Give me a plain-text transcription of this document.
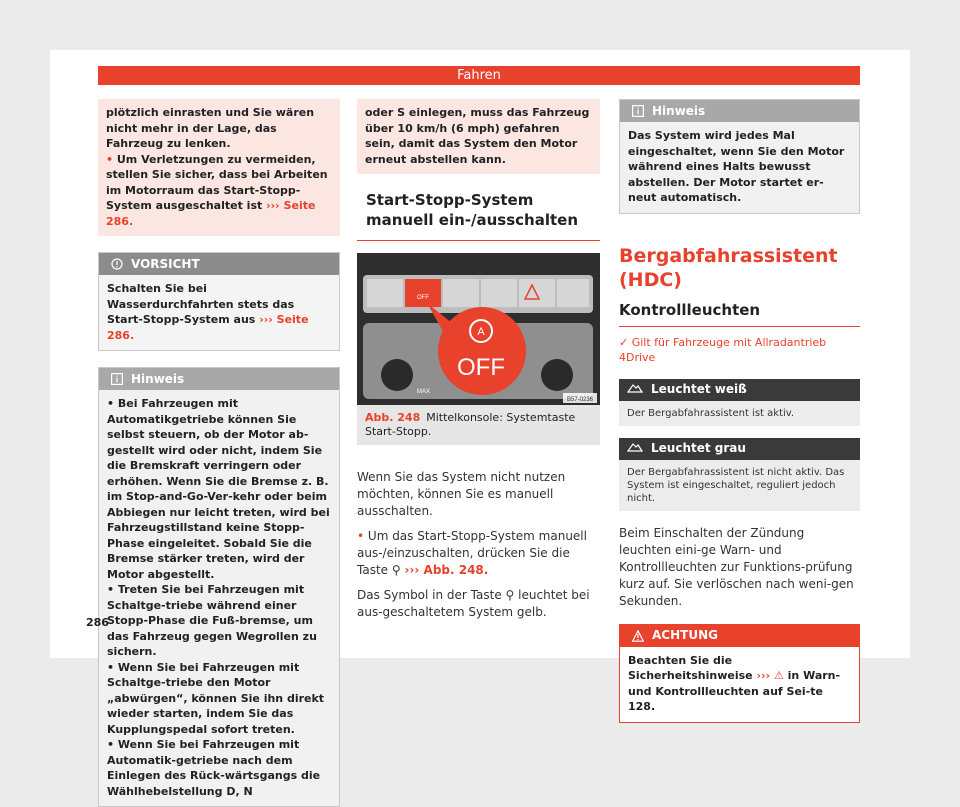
Fahren
plötzlich einrasten und Sie wären nicht mehr in der Lage, das Fahrzeug zu lenken.
• Um Verletzungen zu vermeiden, stellen Sie sicher, dass bei Arbeiten im Motorraum das Start-Stopp-System ausgeschaltet ist ››› Seite 286.
VORSICHT
Schalten Sie bei Wasserdurchfahrten stets das Start-Stopp-System aus ››› Seite 286.
Hinweis
• Bei Fahrzeugen mit Automatikgetriebe können Sie selbst steuern, ob der Motor ab-gestellt wird oder nicht, indem Sie die Bremskraft verringern oder erhöhen. Wenn Sie die Bremse z. B. im Stop-and-Go-Ver-kehr oder beim Abbiegen nur leicht treten, wird bei Fahrzeugstillstand keine Stopp-Phase eingeleitet. Sobald Sie die Bremse stärker treten, wird der Motor abgestellt.
• Treten Sie bei Fahrzeugen mit Schaltge-triebe während einer Stopp-Phase die Fuß-bremse, um das Fahrzeug gegen Wegrollen zu sichern.
• Wenn Sie bei Fahrzeugen mit Schaltge-triebe den Motor „abwürgen“, können Sie ihn direkt wieder starten, indem Sie das Kupplungspedal sofort treten.
• Wenn Sie bei Fahrzeugen mit Automatik-getriebe nach dem Einlegen des Rück-wärtsgangs die Wählhebelstellung D, N
oder S einlegen, muss das Fahrzeug über 10 km/h (6 mph) gefahren sein, damit das System den Motor erneut abstellen kann.
Start-Stopp-System manuell ein-/ausschalten
A
OFF
OFF
MAX
B57-0236
Abb. 248 Mittelkonsole: Systemtaste Start-Stopp.
Wenn Sie das System nicht nutzen möchten, können Sie es manuell ausschalten.
• Um das Start-Stopp-System manuell aus-/einzuschalten, drücken Sie die Taste ⚲ ››› Abb. 248.
Das Symbol in der Taste ⚲ leuchtet bei aus-geschaltetem System gelb.
Hinweis
Das System wird jedes Mal eingeschaltet, wenn Sie den Motor während eines Halts bewusst abstellen. Der Motor startet er-neut automatisch.
Bergabfahrassistent (HDC)
Kontrollleuchten
✓ Gilt für Fahrzeuge mit Allradantrieb 4Drive
Leuchtet weiß
Der Bergabfahrassistent ist aktiv.
Leuchtet grau
Der Bergabfahrassistent ist nicht aktiv. Das System ist eingeschaltet, reguliert jedoch nicht.
Beim Einschalten der Zündung leuchten eini-ge Warn- und Kontrollleuchten zur Funktions-prüfung kurz auf. Sie verlöschen nach weni-gen Sekunden.
ACHTUNG
Beachten Sie die Sicherheitshinweise ››› ⚠ in Warn- und Kontrollleuchten auf Sei-te 128.
286
